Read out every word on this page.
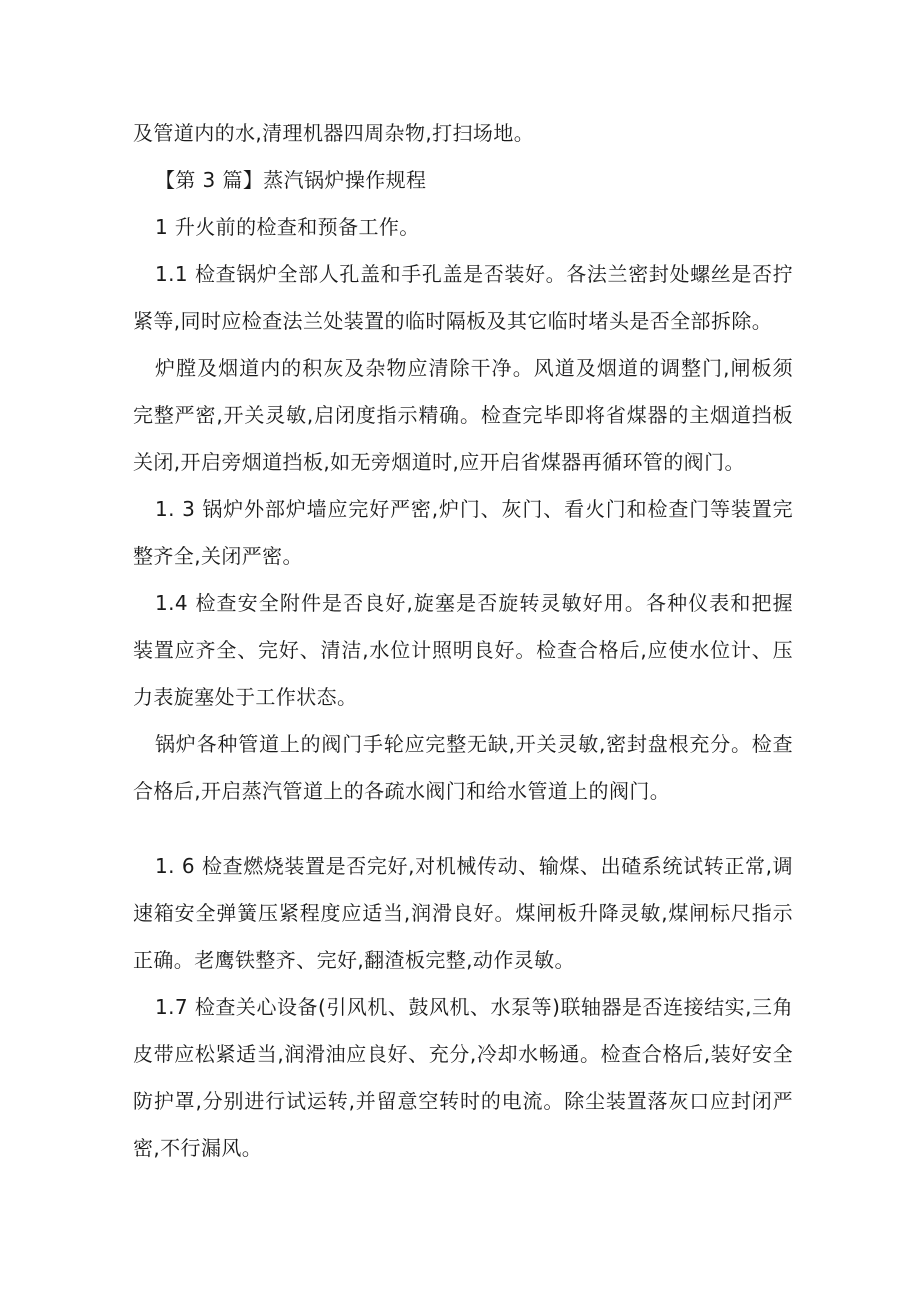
及管道内的水,清理机器四周杂物,打扫场地。

【第 3 篇】蒸汽锅炉操作规程

1 升火前的检查和预备工作。

1.1 检查锅炉全部人孔盖和手孔盖是否装好。各法兰密封处螺丝是否拧紧等,同时应检查法兰处装置的临时隔板及其它临时堵头是否全部拆除。

炉膛及烟道内的积灰及杂物应清除干净。风道及烟道的调整门,闸板须完整严密,开关灵敏,启闭度指示精确。检查完毕即将省煤器的主烟道挡板关闭,开启旁烟道挡板,如无旁烟道时,应开启省煤器再循环管的阀门。

1. 3 锅炉外部炉墙应完好严密,炉门、灰门、看火门和检查门等装置完整齐全,关闭严密。

1.4 检查安全附件是否良好,旋塞是否旋转灵敏好用。各种仪表和把握装置应齐全、完好、清洁,水位计照明良好。检查合格后,应使水位计、压力表旋塞处于工作状态。

锅炉各种管道上的阀门手轮应完整无缺,开关灵敏,密封盘根充分。检查合格后,开启蒸汽管道上的各疏水阀门和给水管道上的阀门。

1. 6 检查燃烧装置是否完好,对机械传动、输煤、出碴系统试转正常,调速箱安全弹簧压紧程度应适当,润滑良好。煤闸板升降灵敏,煤闸标尺指示正确。老鹰铁整齐、完好,翻渣板完整,动作灵敏。

1.7 检查关心设备(引风机、鼓风机、水泵等)联轴器是否连接结实,三角皮带应松紧适当,润滑油应良好、充分,冷却水畅通。检查合格后,装好安全防护罩,分别进行试运转,并留意空转时的电流。除尘装置落灰口应封闭严密,不行漏风。
